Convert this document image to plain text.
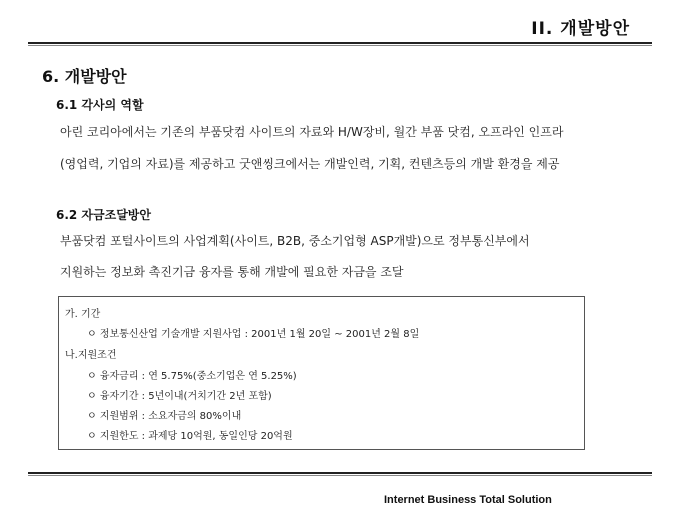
II. 개발방안
6. 개발방안
6.1 각사의 역할
아린 코리아에서는 기존의 부품닷컴 사이트의 자료와 H/W장비, 월간 부품 닷컴, 오프라인 인프라
(영업력, 기업의 자료)를 제공하고 굿앤씽크에서는 개발인력, 기획, 컨텐츠등의 개발 환경을 제공
6.2 자금조달방안
부품닷컴 포털사이트의 사업계획(사이트, B2B, 중소기업형 ASP개발)으로 정부통신부에서
지원하는 정보화 촉진기금 융자를 통해 개발에 필요한 자금을 조달
가. 기간
ㅇ 정보통신산업 기술개발 지원사업 : 2001년 1월 20일 ~ 2001년 2월 8일
나.지원조건
ㅇ 융자금리 : 연 5.75%(중소기업은 연 5.25%)
ㅇ 융자기간 : 5년이내(거치기간 2년 포함)
ㅇ 지원범위 : 소요자금의 80%이내
ㅇ 지원한도 : 과제당 10억원, 동일인당 20억원
Internet Business Total Solution
